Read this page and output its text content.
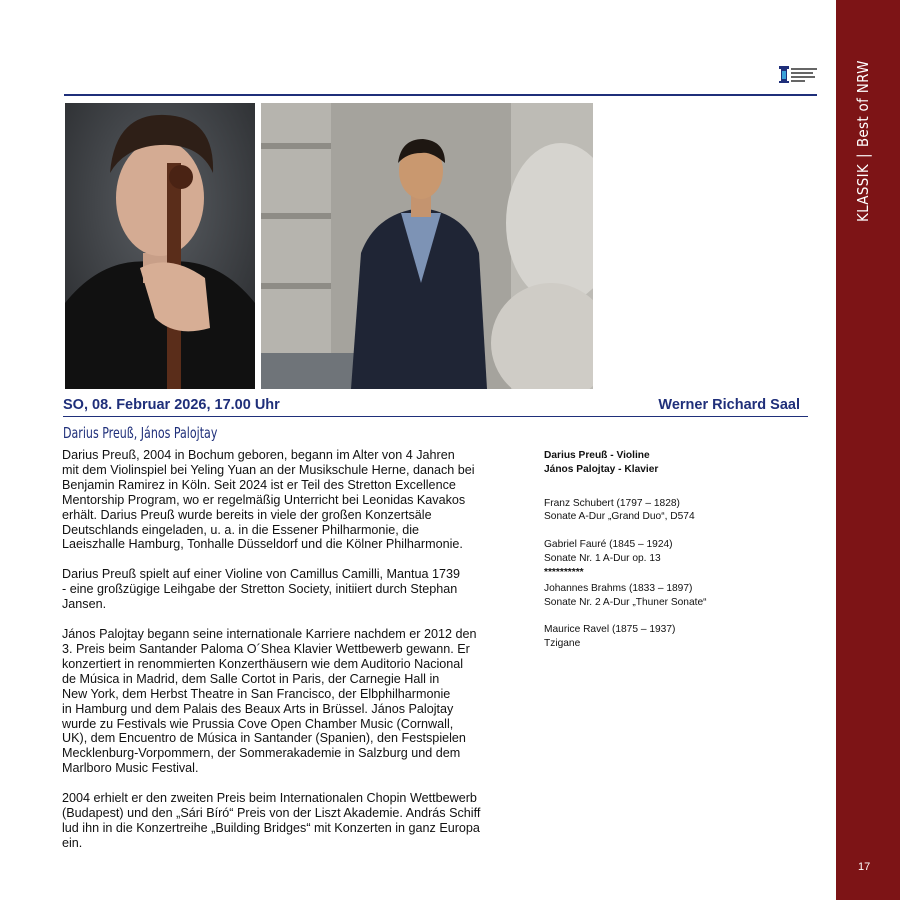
KLASSIK|Best of NRW
17
SO, 08. Februar 2026, 17.00 Uhr	Werner Richard Saal
Darius Preuß, János Palojtay

Darius Preuß, 2004 in Bochum geboren, begann im Alter von 4 Jahren
mit dem Violinspiel bei Yeling Yuan an der Musikschule Herne, danach bei
Benjamin Ramirez in Köln. Seit 2024 ist er Teil des Stretton Excellence
Mentorship Program, wo er regelmäßig Unterricht bei Leonidas Kavakos
erhält. Darius Preuß wurde bereits in viele der großen Konzertsäle
Deutschlands eingeladen, u. a. in die Essener Philharmonie, die
Laeiszhalle Hamburg, Tonhalle Düsseldorf und die Kölner Philharmonie.

Darius Preuß spielt auf einer Violine von Camillus Camilli, Mantua 1739
- eine großzügige Leihgabe der Stretton Society, initiiert durch Stephan
Jansen.

János Palojtay begann seine internationale Karriere nachdem er 2012 den
3. Preis beim Santander Paloma O´Shea Klavier Wettbewerb gewann. Er
konzertiert in renommierten Konzerthäusern wie dem Auditorio Nacional
de Música in Madrid, dem Salle Cortot in Paris, der Carnegie Hall in
New York, dem Herbst Theatre in San Francisco, der Elbphilharmonie
in Hamburg und dem Palais des Beaux Arts in Brüssel. János Palojtay
wurde zu Festivals wie Prussia Cove Open Chamber Music (Cornwall,
UK), dem Encuentro de Música in Santander (Spanien), den Festspielen
Mecklenburg-Vorpommern, der Sommerakademie in Salzburg und dem
Marlboro Music Festival.

2004 erhielt er den zweiten Preis beim Internationalen Chopin Wettbewerb
(Budapest) und den „Sári Bíró“ Preis von der Liszt Akademie. András Schiff
lud ihn in die Konzertreihe „Building Bridges“ mit Konzerten in ganz Europa
ein.

Darius Preuß - Violine
János Palojtay - Klavier
Franz Schubert (1797 – 1828)
Sonate A-Dur „Grand Duo“, D574
Gabriel Fauré (1845 – 1924)
Sonate Nr. 1 A-Dur op. 13
**********
Johannes Brahms (1833 – 1897)
Sonate Nr. 2 A-Dur „Thuner Sonate“
Maurice Ravel (1875 – 1937)
Tzigane
